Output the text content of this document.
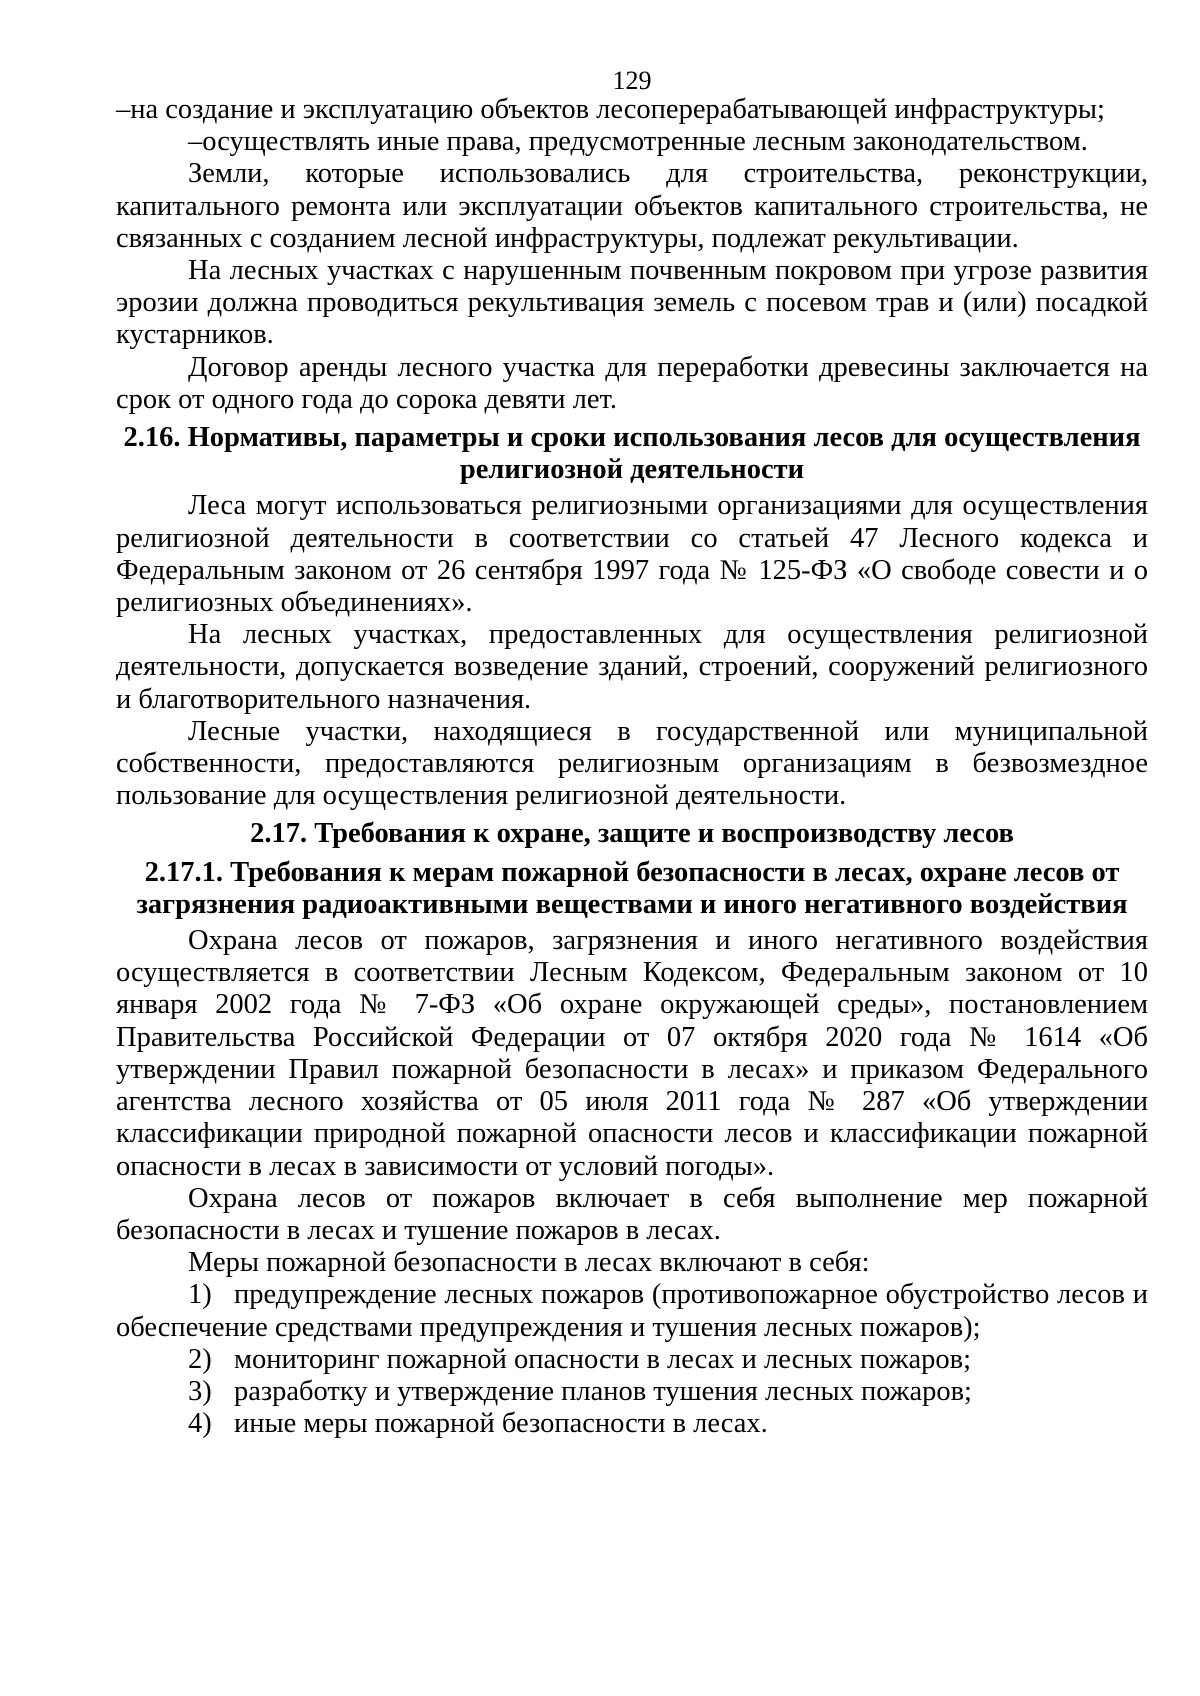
129

–на создание и эксплуатацию объектов лесоперерабатывающей инфраструктуры;

–осуществлять иные права, предусмотренные лесным законодательством.

Земли, которые использовались для строительства, реконструкции, капитального ремонта или эксплуатации объектов капитального строительства, не связанных с созданием лесной инфраструктуры, подлежат рекультивации.

На лесных участках с нарушенным почвенным покровом при угрозе развития эрозии должна проводиться рекультивация земель с посевом трав и (или) посадкой кустарников.

Договор аренды лесного участка для переработки древесины заключается на срок от одного года до сорока девяти лет.

2.16. Нормативы, параметры и сроки использования лесов для осуществления религиозной деятельности

Леса могут использоваться религиозными организациями для осуществления религиозной деятельности в соответствии со статьей 47 Лесного кодекса и Федеральным законом от 26 сентября 1997 года № 125-ФЗ «О свободе совести и о религиозных объединениях».

На лесных участках, предоставленных для осуществления религиозной деятельности, допускается возведение зданий, строений, сооружений религиозного и благотворительного назначения.

Лесные участки, находящиеся в государственной или муниципальной собственности, предоставляются религиозным организациям в безвозмездное пользование для осуществления религиозной деятельности.

2.17. Требования к охране, защите и воспроизводству лесов
2.17.1. Требования к мерам пожарной безопасности в лесах, охране лесов от загрязнения радиоактивными веществами и иного негативного воздействия

Охрана лесов от пожаров, загрязнения и иного негативного воздействия осуществляется в соответствии Лесным Кодексом, Федеральным законом от 10 января 2002 года № 7-ФЗ «Об охране окружающей среды», постановлением Правительства Российской Федерации от 07 октября 2020 года № 1614 «Об утверждении Правил пожарной безопасности в лесах» и приказом Федерального агентства лесного хозяйства от 05 июля 2011 года № 287 «Об утверждении классификации природной пожарной опасности лесов и классификации пожарной опасности в лесах в зависимости от условий погоды».

Охрана лесов от пожаров включает в себя выполнение мер пожарной безопасности в лесах и тушение пожаров в лесах.

Меры пожарной безопасности в лесах включают в себя:

1) предупреждение лесных пожаров (противопожарное обустройство лесов и обеспечение средствами предупреждения и тушения лесных пожаров);
2) мониторинг пожарной опасности в лесах и лесных пожаров;
3) разработку и утверждение планов тушения лесных пожаров;
4) иные меры пожарной безопасности в лесах.
